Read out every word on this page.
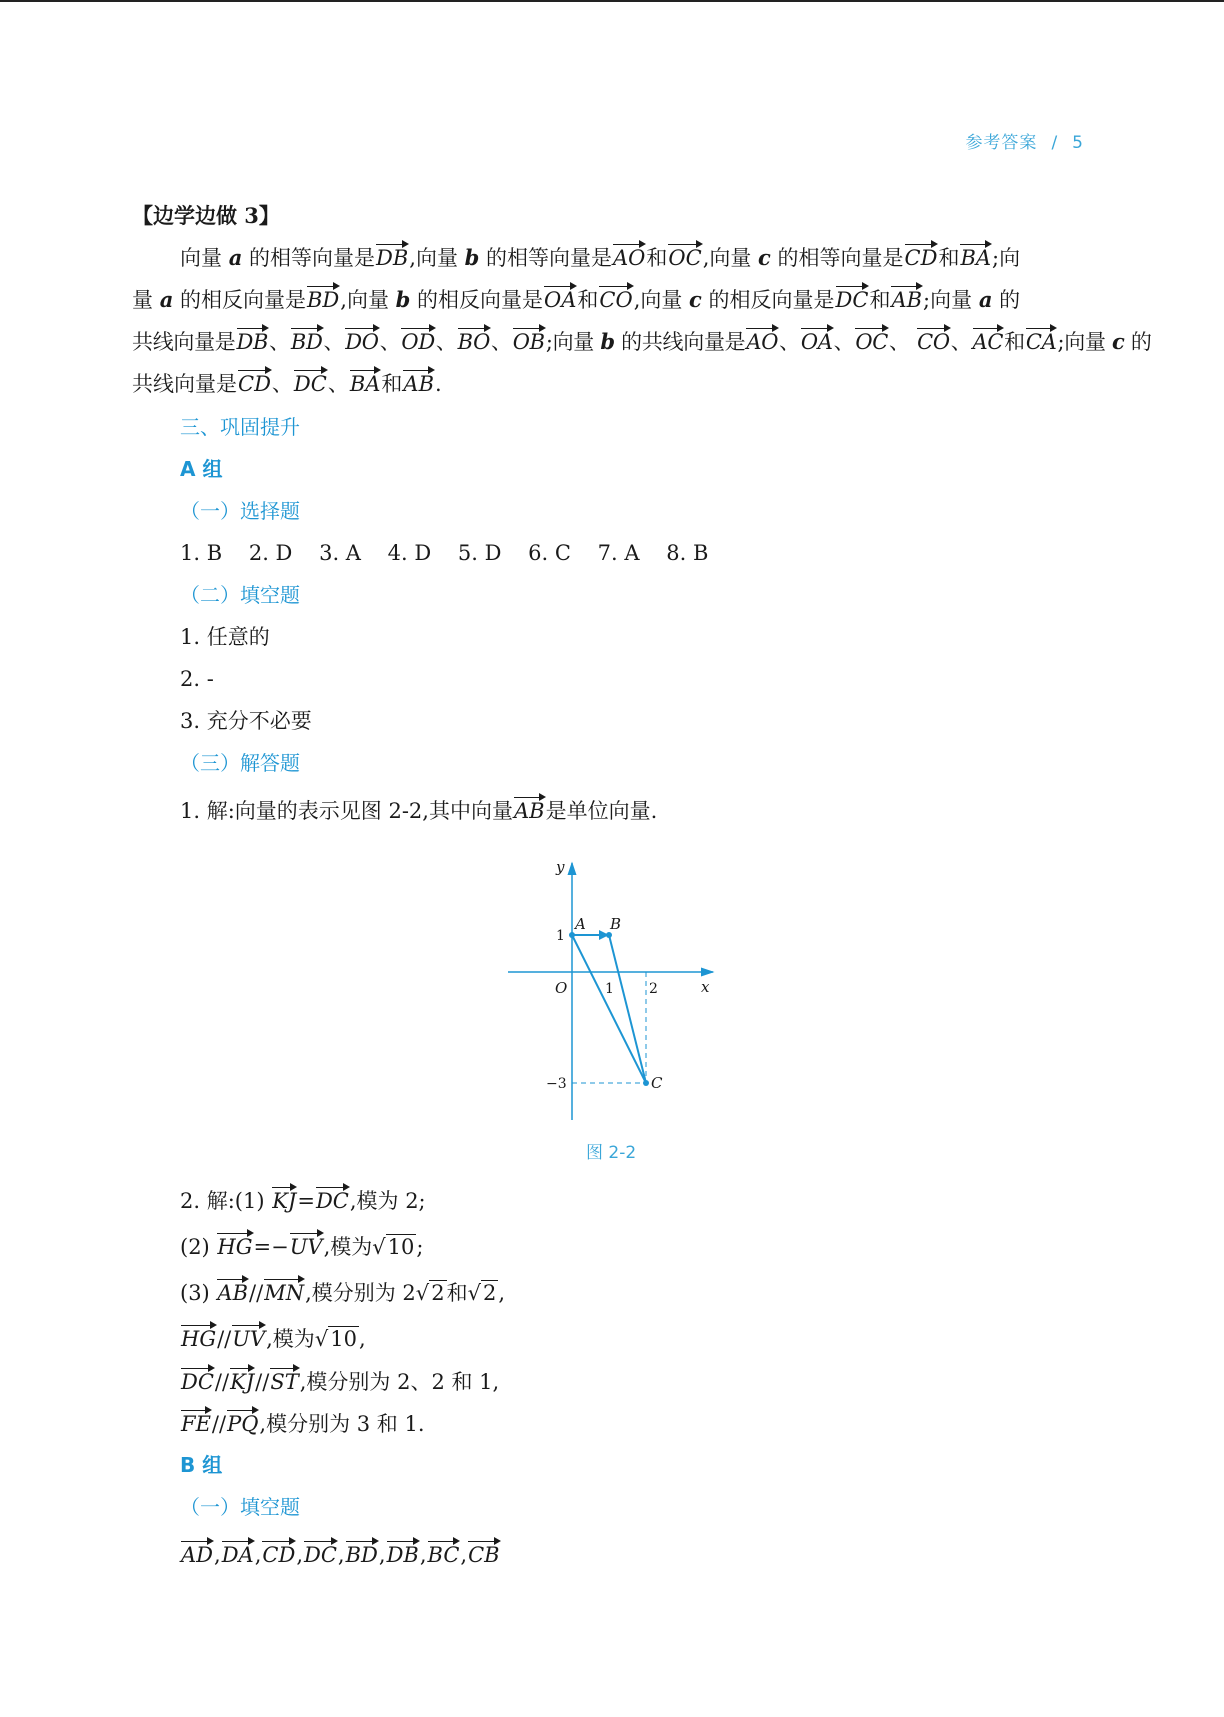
参考答案 / 5
【边学边做 3】
向量 a 的相等向量是DB,向量 b 的相等向量是AO和OC,向量 c 的相等向量是CD和BA;向
量 a 的相反向量是BD,向量 b 的相反向量是OA和CO,向量 c 的相反向量是DC和AB;向量 a 的
共线向量是DB、BD、DO、OD、BO、OB;向量 b 的共线向量是AO、OA、OC、 CO、AC和CA;向量 c 的
共线向量是CD、DC、BA和AB.
三、巩固提升
A 组
（一）选择题
1. B    2. D    3. A    4. D    5. D    6. C    7. A    8. B
（二）填空题
1. 任意的
2. -
3. 充分不必要
（三）解答题
1. 解:向量的表示见图 2-2,其中向量AB是单位向量.
2. 解:(1) KJ=DC,模为 2;
(2) HG=−UV,模为√10;
(3) AB//MN,模分别为 2√2和√2,
HG//UV,模为√10,
DC//KJ//ST,模分别为 2、2 和 1,
FE//PQ,模分别为 3 和 1.
B 组
（一）填空题
AD,DA,CD,DC,BD,DB,BC,CB
y
x
O
A B
C
1
1	2
−3
图 2-2
